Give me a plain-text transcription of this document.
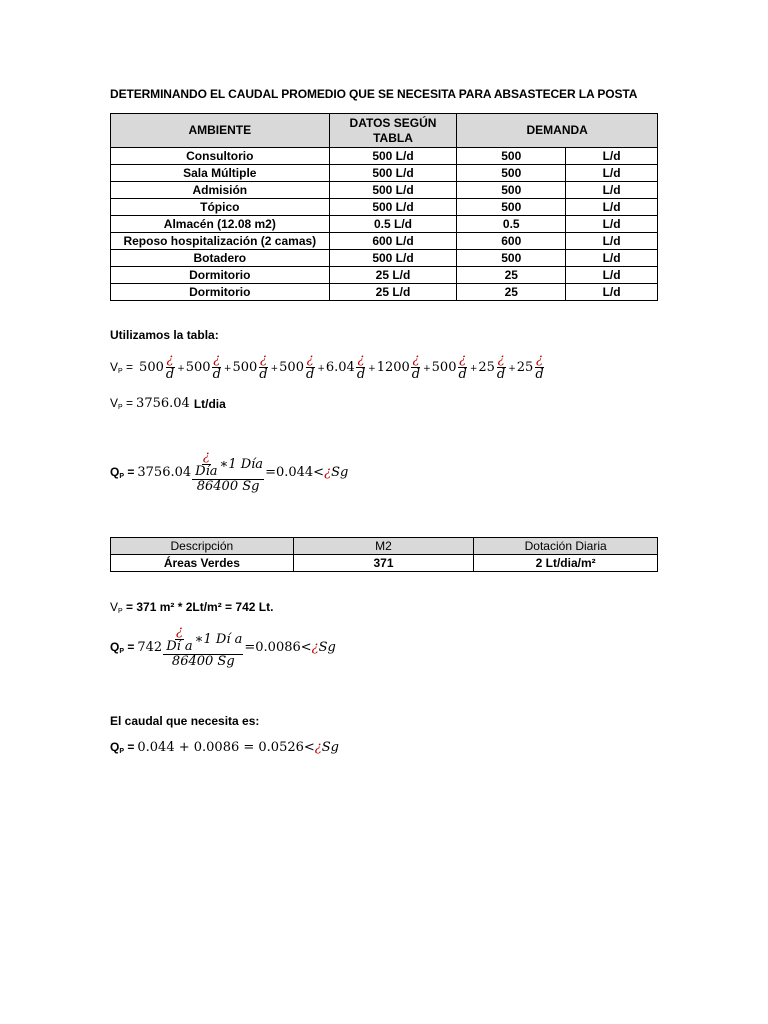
DETERMINANDO EL CAUDAL PROMEDIO QUE SE NECESITA PARA ABSASTECER LA POSTA
AMBIENTE	DATOS SEGÚN TABLA	DEMANDA	
Consultorio	500 L/d	500	L/d
Sala Múltiple	500 L/d	500	L/d
Admisión	500 L/d	500	L/d
Tópico	500 L/d	500	L/d
Almacén (12.08 m2)	0.5 L/d	0.5	L/d
Reposo hospitalización (2 camas)	600 L/d	600	L/d
Botadero	500 L/d	500	L/d
Dormitorio	25 L/d	25	L/d
Dormitorio	25 L/d	25	L/d
Utilizamos la tabla:
$V_P = 500 \frac{¿}{d} +500 \frac{¿}{d} +500 \frac{¿}{d} +500 \frac{¿}{d} +6.04 \frac{¿}{d} +1200 \frac{¿}{d} +500 \frac{¿}{d} +25 \frac{¿}{d} +25 \frac{¿}{d}$
$V_P = 3756.04$ Lt/dia
$Q_P = 3756.04 \frac{\frac{¿}{\text{Día}} ∗1 Día}{86400 Sg} =0.044<$ ¿ Sg
Descripción	M2	Dotación Diaria
Áreas Verdes	371	2 Lt/dia/m²
$V_P = 371$ m² * 2Lt/m² = 742 Lt.
$Q_P = 742 \frac{\frac{¿}{\text{Dí a}} ∗1 Dí a}{86400 Sg} =0.0086<$ ¿ Sg
El caudal que necesita es:
$Q_P = 0.044 + 0.0086 = 0.0526<$ ¿ Sg
